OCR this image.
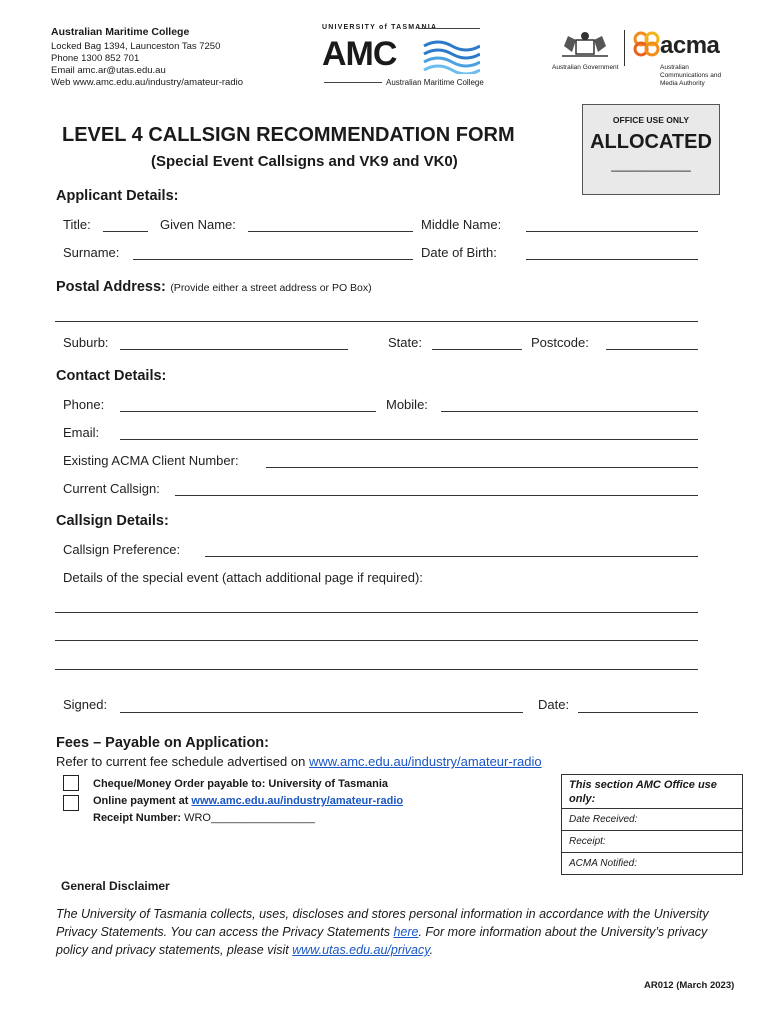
Australian Maritime College
Locked Bag 1394, Launceston Tas 7250
Phone 1300 852 701
Email amc.ar@utas.edu.au
Web www.amc.edu.au/industry/amateur-radio
UNIVERSITY of TASMANIA
AMC
Australian Maritime College
Australian Government
acma
Australian Communications and Media Authority
OFFICE USE ONLY
ALLOCATED
___________
LEVEL 4 CALLSIGN RECOMMENDATION FORM
(Special Event Callsigns and VK9 and VK0)
Applicant Details:
Title:	Given Name:	Middle Name:
Surname:	Date of Birth:
Postal Address: (Provide either a street address or PO Box)
Suburb:	State:	Postcode:
Contact Details:
Phone:	Mobile:
Email:
Existing ACMA Client Number:
Current Callsign:
Callsign Details:
Callsign Preference:
Details of the special event (attach additional page if required):
Signed:	Date:
Fees – Payable on Application:
Refer to current fee schedule advertised on www.amc.edu.au/industry/amateur-radio
Cheque/Money Order payable to: University of Tasmania
Online payment at www.amc.edu.au/industry/amateur-radio
Receipt Number: WRO_________________
This section AMC Office use only:
Date Received:
Receipt:
ACMA Notified:
General Disclaimer
The University of Tasmania collects, uses, discloses and stores personal information in accordance with the University Privacy Statements. You can access the Privacy Statements here. For more information about the University’s privacy policy and privacy statements, please visit www.utas.edu.au/privacy.
AR012 (March 2023)
